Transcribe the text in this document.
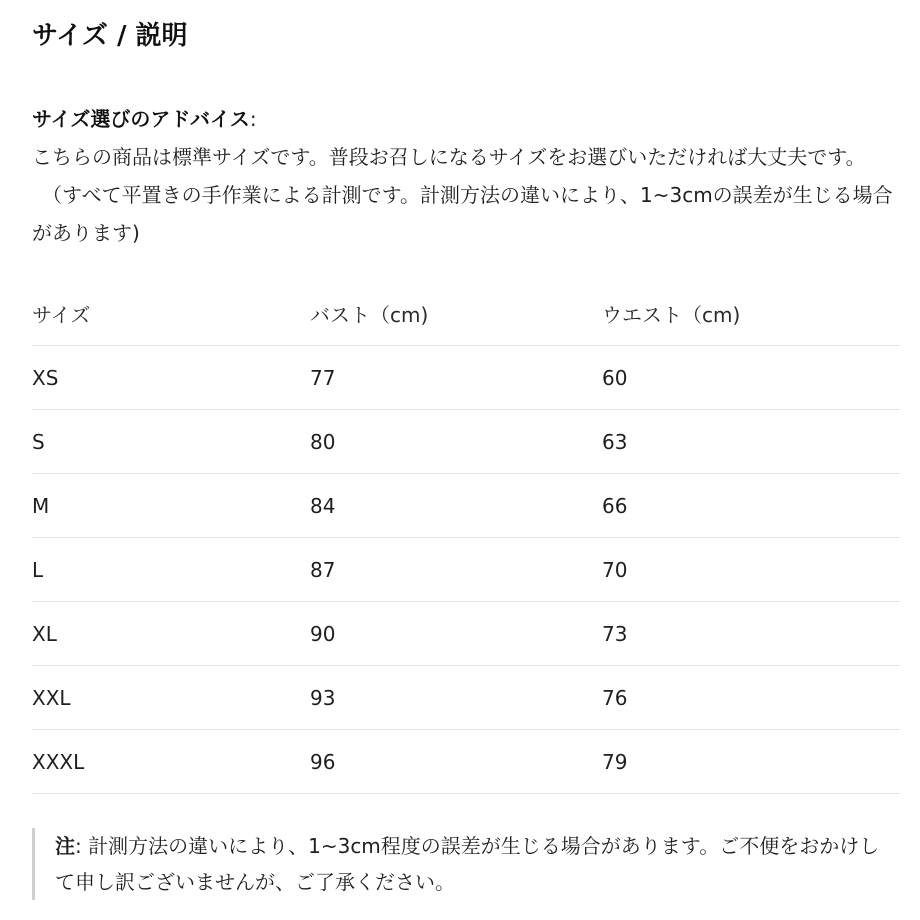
サイズ / 説明
サイズ選びのアドバイス:
こちらの商品は標準サイズです。普段お召しになるサイズをお選びいただければ大丈夫です。
（すべて平置きの手作業による計測です。計測方法の違いにより、1~3cmの誤差が生じる場合があります)
サイズ	バスト（cm)	ウエスト（cm)
XS	77	60
S	80	63
M	84	66
L	87	70
XL	90	73
XXL	93	76
XXXL	96	79
注: 計測方法の違いにより、1~3cm程度の誤差が生じる場合があります。ご不便をおかけして申し訳ございませんが、ご了承ください。
